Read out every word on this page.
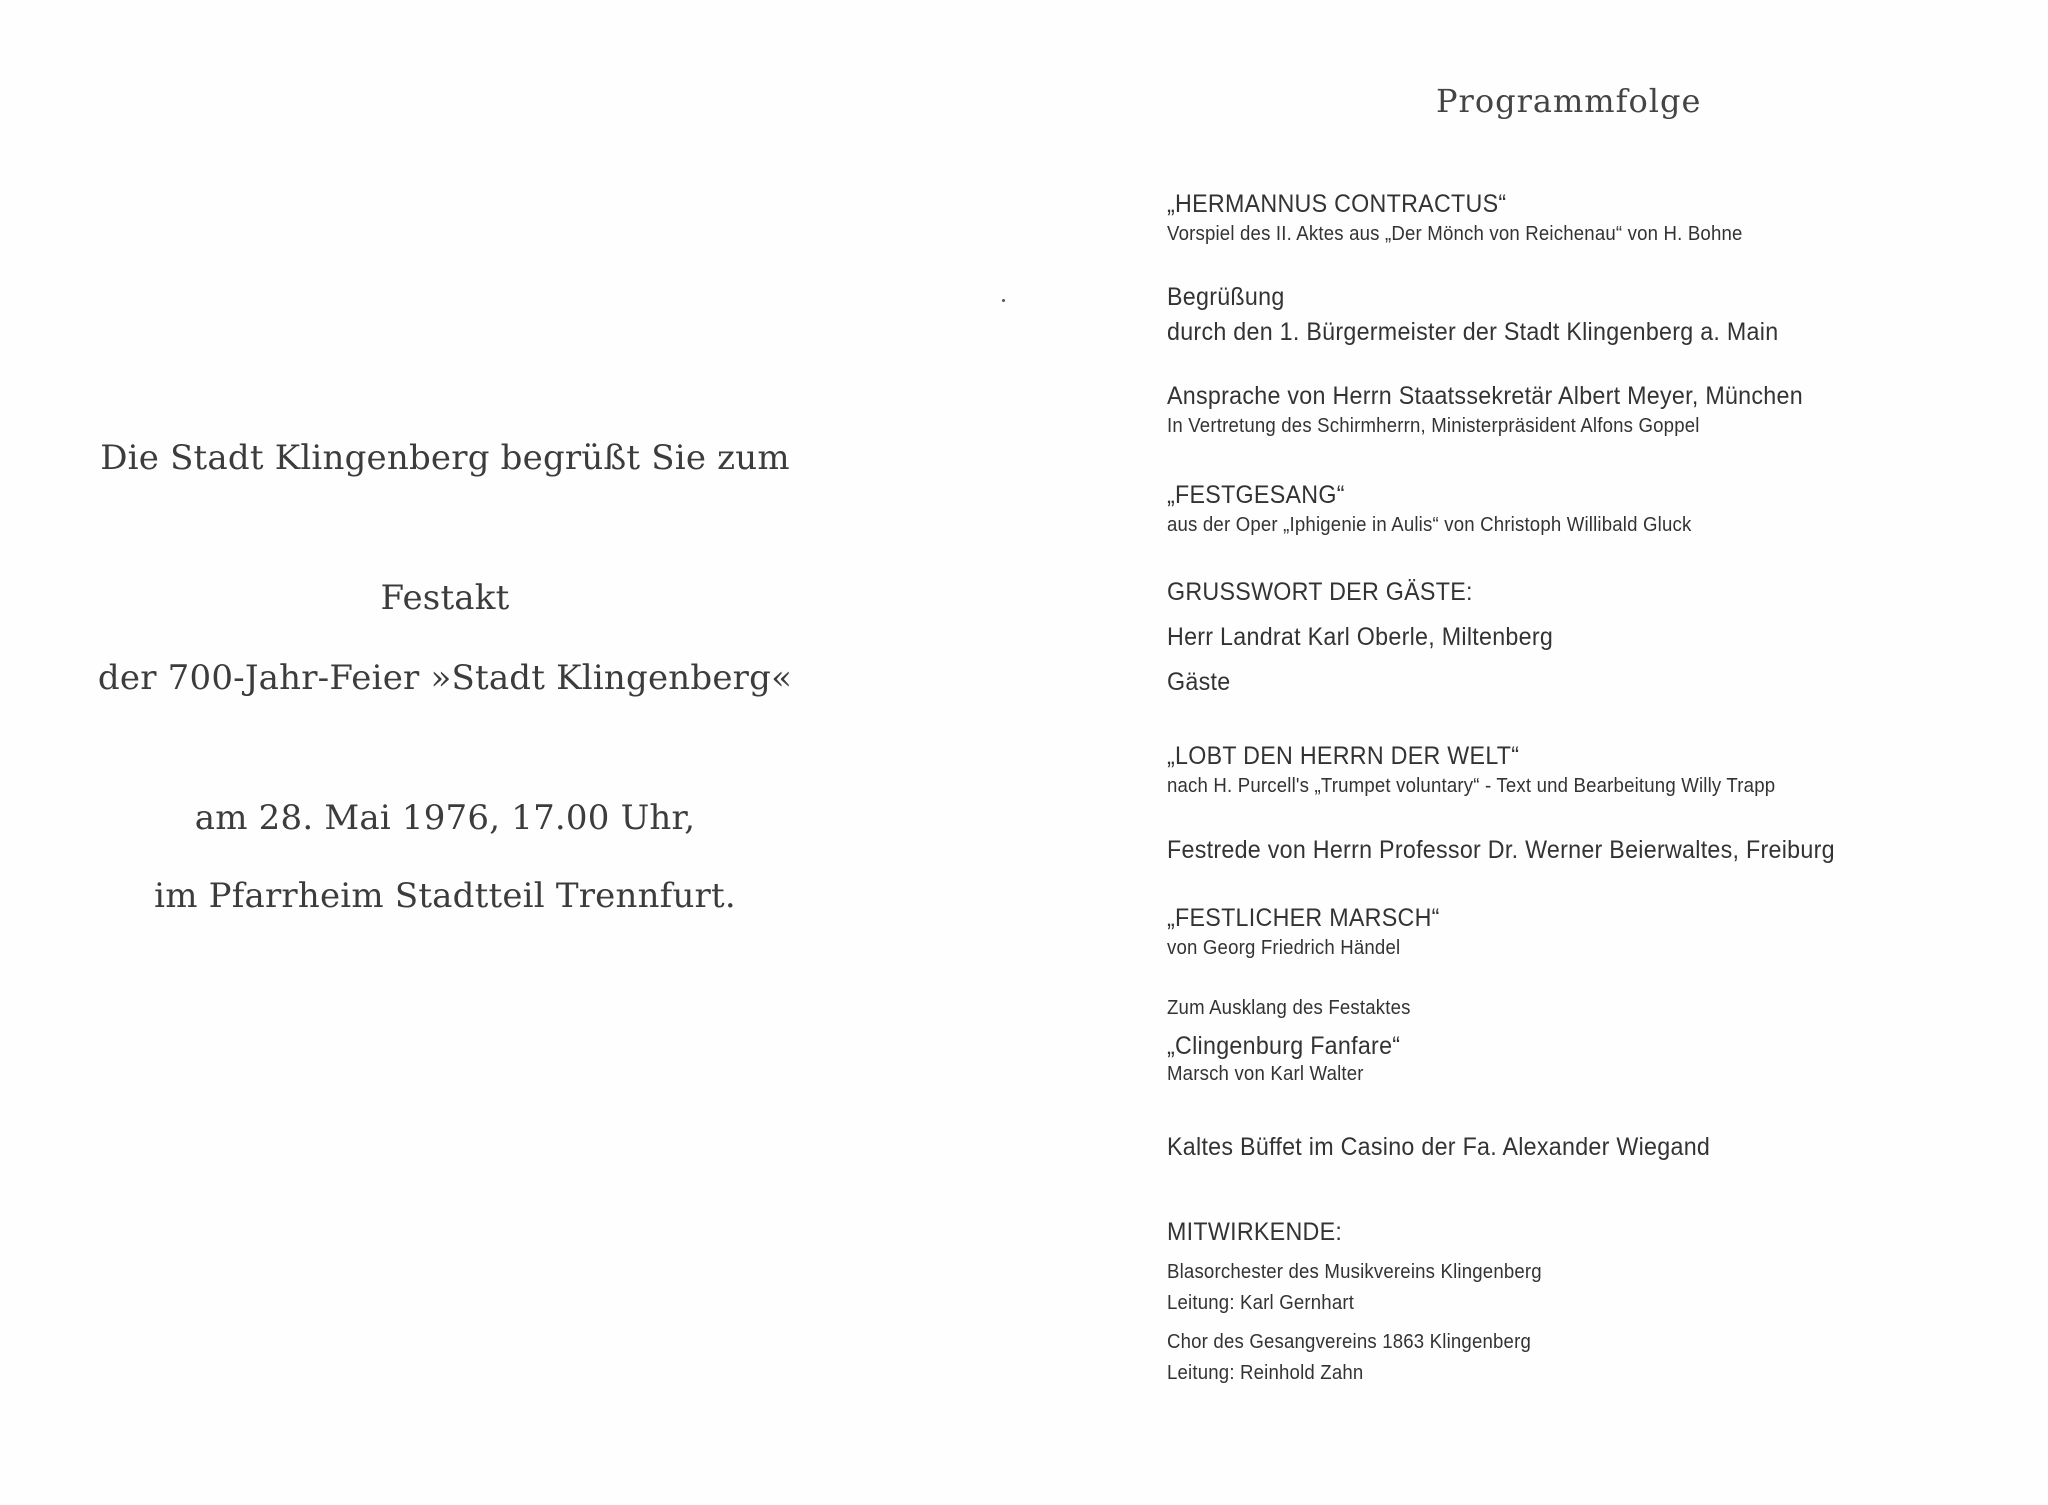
Die Stadt Klingenberg begrüßt Sie zum
Festakt
der 700-Jahr-Feier »Stadt Klingenberg«
am 28. Mai 1976, 17.00 Uhr,
im Pfarrheim Stadtteil Trennfurt.
Programmfolge
„HERMANNUS CONTRACTUS“
Vorspiel des II. Aktes aus „Der Mönch von Reichenau“ von H. Bohne
Begrüßung
durch den 1. Bürgermeister der Stadt Klingenberg a. Main
Ansprache von Herrn Staatssekretär Albert Meyer, München
In Vertretung des Schirmherrn, Ministerpräsident Alfons Goppel
„FESTGESANG“
aus der Oper „Iphigenie in Aulis“ von Christoph Willibald Gluck
GRUSSWORT DER GÄSTE:
Herr Landrat Karl Oberle, Miltenberg
Gäste
„LOBT DEN HERRN DER WELT“
nach H. Purcell's „Trumpet voluntary“ - Text und Bearbeitung Willy Trapp
Festrede von Herrn Professor Dr. Werner Beierwaltes, Freiburg
„FESTLICHER MARSCH“
von Georg Friedrich Händel
Zum Ausklang des Festaktes
„Clingenburg Fanfare“
Marsch von Karl Walter
Kaltes Büffet im Casino der Fa. Alexander Wiegand
MITWIRKENDE:
Blasorchester des Musikvereins Klingenberg
Leitung: Karl Gernhart
Chor des Gesangvereins 1863 Klingenberg
Leitung: Reinhold Zahn
